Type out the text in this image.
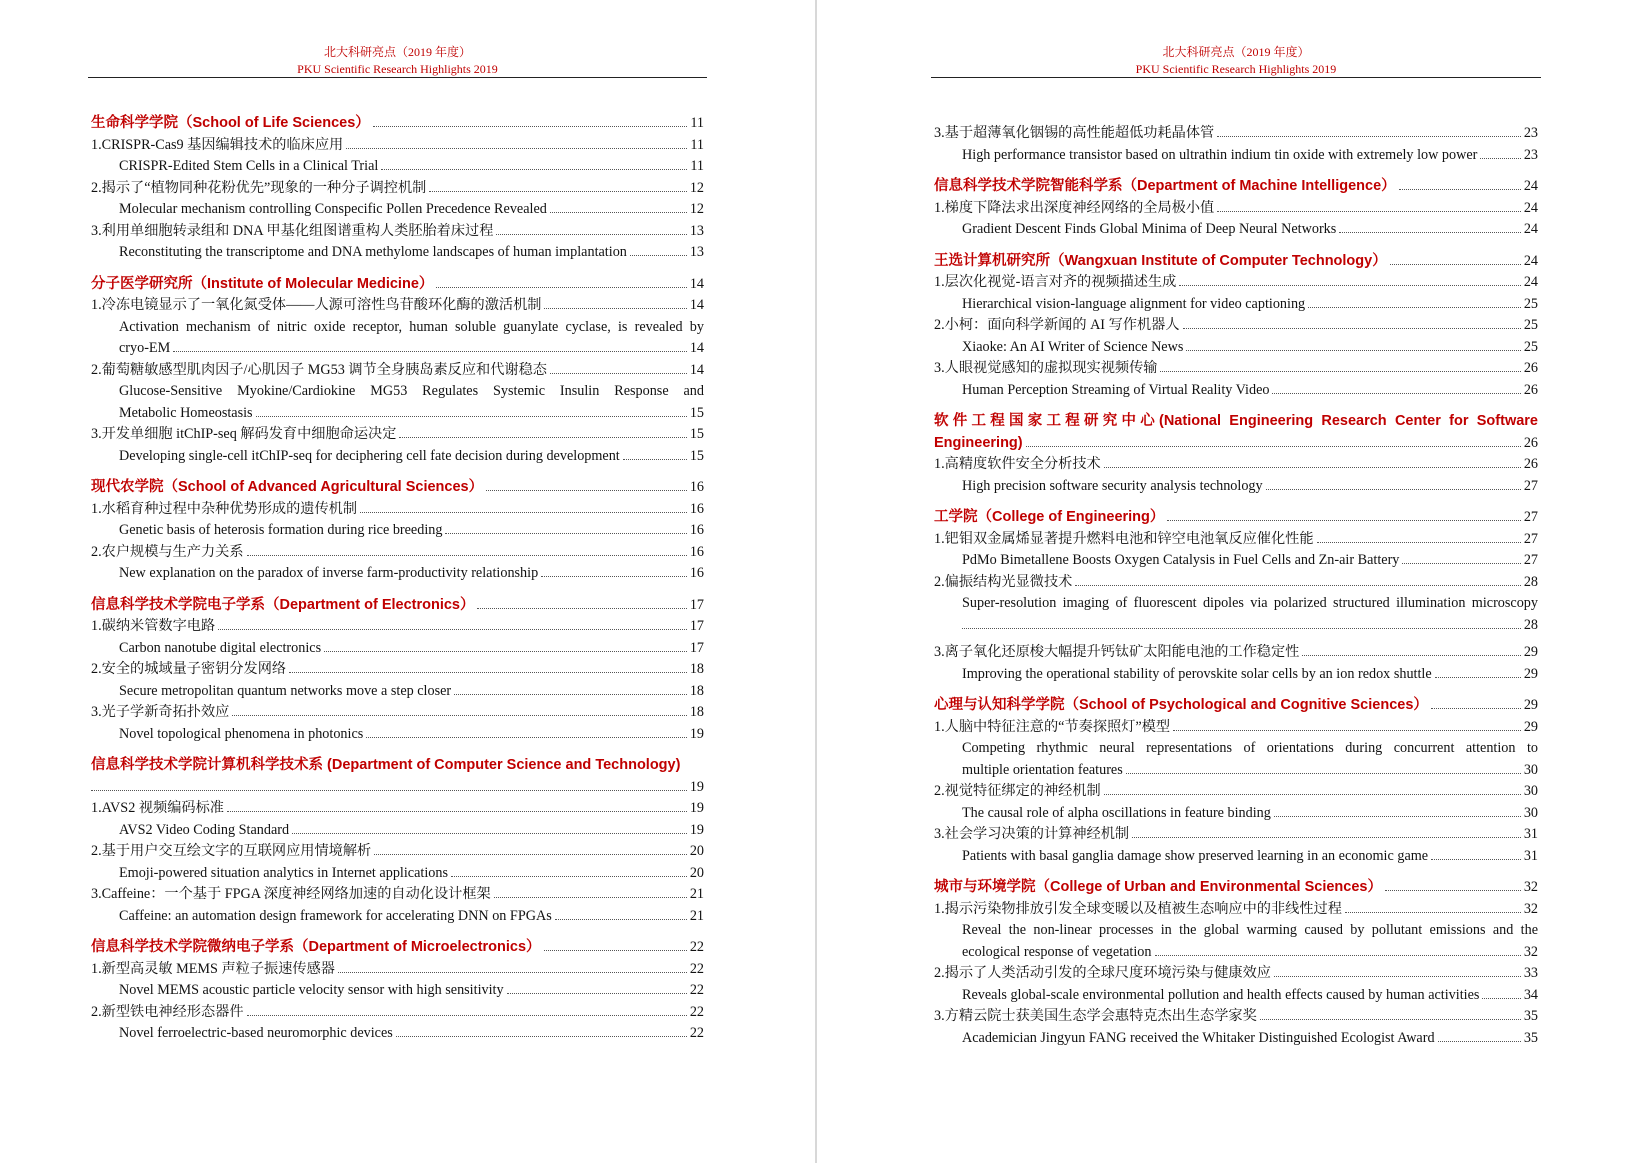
北大科研亮点（2019 年度）
PKU Scientific Research Highlights 2019
生命科学学院（School of Life Sciences）	11
1.CRISPR-Cas9 基因编辑技术的临床应用	11
CRISPR-Edited Stem Cells in a Clinical Trial	11
2.揭示了“植物同种花粉优先”现象的一种分子调控机制	12
Molecular mechanism controlling Conspecific Pollen Precedence Revealed	12
3.利用单细胞转录组和 DNA 甲基化组图谱重构人类胚胎着床过程	13
Reconstituting the transcriptome and DNA methylome landscapes of human implantation	13
分子医学研究所（Institute of Molecular Medicine）	14
1.冷冻电镜显示了一氧化氮受体——人源可溶性鸟苷酸环化酶的激活机制	14
Activation mechanism of nitric oxide receptor, human soluble guanylate cyclase, is revealed by
cryo-EM	14
2.葡萄糖敏感型肌肉因子/心肌因子 MG53 调节全身胰岛素反应和代谢稳态	14
Glucose-Sensitive Myokine/Cardiokine MG53 Regulates Systemic Insulin Response and
Metabolic Homeostasis	15
3.开发单细胞 itChIP-seq 解码发育中细胞命运决定	15
Developing single-cell itChIP-seq for deciphering cell fate decision during development	15
现代农学院（School of Advanced Agricultural Sciences）	16
1.水稻育种过程中杂种优势形成的遗传机制	16
Genetic basis of heterosis formation during rice breeding	16
2.农户规模与生产力关系	16
New explanation on the paradox of inverse farm-productivity relationship	16
信息科学技术学院电子学系（Department of Electronics）	17
1.碳纳米管数字电路	17
Carbon nanotube digital electronics	17
2.安全的城域量子密钥分发网络	18
Secure metropolitan quantum networks move a step closer	18
3.光子学新奇拓扑效应	18
Novel topological phenomena in photonics	19
信息科学技术学院计算机科学技术系 (Department of Computer Science and Technology)
19
1.AVS2 视频编码标准	19
AVS2 Video Coding Standard	19
2.基于用户交互绘文字的互联网应用情境解析	20
Emoji-powered situation analytics in Internet applications	20
3.Caffeine：一个基于 FPGA 深度神经网络加速的自动化设计框架	21
Caffeine: an automation design framework for accelerating DNN on FPGAs	21
信息科学技术学院微纳电子学系（Department of Microelectronics）	22
1.新型高灵敏 MEMS 声粒子振速传感器	22
Novel MEMS acoustic particle velocity sensor with high sensitivity	22
2.新型铁电神经形态器件	22
Novel ferroelectric-based neuromorphic devices	22
北大科研亮点（2019 年度）
PKU Scientific Research Highlights 2019
3.基于超薄氧化铟锡的高性能超低功耗晶体管	23
High performance transistor based on ultrathin indium tin oxide with extremely low power	23
信息科学技术学院智能科学系（Department of Machine Intelligence）	24
1.梯度下降法求出深度神经网络的全局极小值	24
Gradient Descent Finds Global Minima of Deep Neural Networks	24
王选计算机研究所（Wangxuan Institute of Computer Technology）	24
1.层次化视觉-语言对齐的视频描述生成	24
Hierarchical vision-language alignment for video captioning	25
2.小柯：面向科学新闻的 AI 写作机器人	25
Xiaoke: An AI Writer of Science News	25
3.人眼视觉感知的虚拟现实视频传输	26
Human Perception Streaming of Virtual Reality Video	26
软件工程国家工程研究中心(National Engineering Research Center for Software
Engineering)	26
1.高精度软件安全分析技术	26
High precision software security analysis technology	27
工学院（College of Engineering）	27
1.钯钼双金属烯显著提升燃料电池和锌空电池氧反应催化性能	27
PdMo Bimetallene Boosts Oxygen Catalysis in Fuel Cells and Zn-air Battery	27
2.偏振结构光显微技术	28
Super-resolution imaging of fluorescent dipoles via polarized structured illumination microscopy
28
3.离子氧化还原梭大幅提升钙钛矿太阳能电池的工作稳定性	29
Improving the operational stability of perovskite solar cells by an ion redox shuttle	29
心理与认知科学学院（School of Psychological and Cognitive Sciences）	29
1.人脑中特征注意的“节奏探照灯”模型	29
Competing rhythmic neural representations of orientations during concurrent attention to
multiple orientation features	30
2.视觉特征绑定的神经机制	30
The causal role of alpha oscillations in feature binding	30
3.社会学习决策的计算神经机制	31
Patients with basal ganglia damage show preserved learning in an economic game	31
城市与环境学院（College of Urban and Environmental Sciences）	32
1.揭示污染物排放引发全球变暖以及植被生态响应中的非线性过程	32
Reveal the non-linear processes in the global warming caused by pollutant emissions and the
ecological response of vegetation	32
2.揭示了人类活动引发的全球尺度环境污染与健康效应	33
Reveals global-scale environmental pollution and health effects caused by human activities	34
3.方精云院士获美国生态学会惠特克杰出生态学家奖	35
Academician Jingyun FANG received the Whitaker Distinguished Ecologist Award	35
